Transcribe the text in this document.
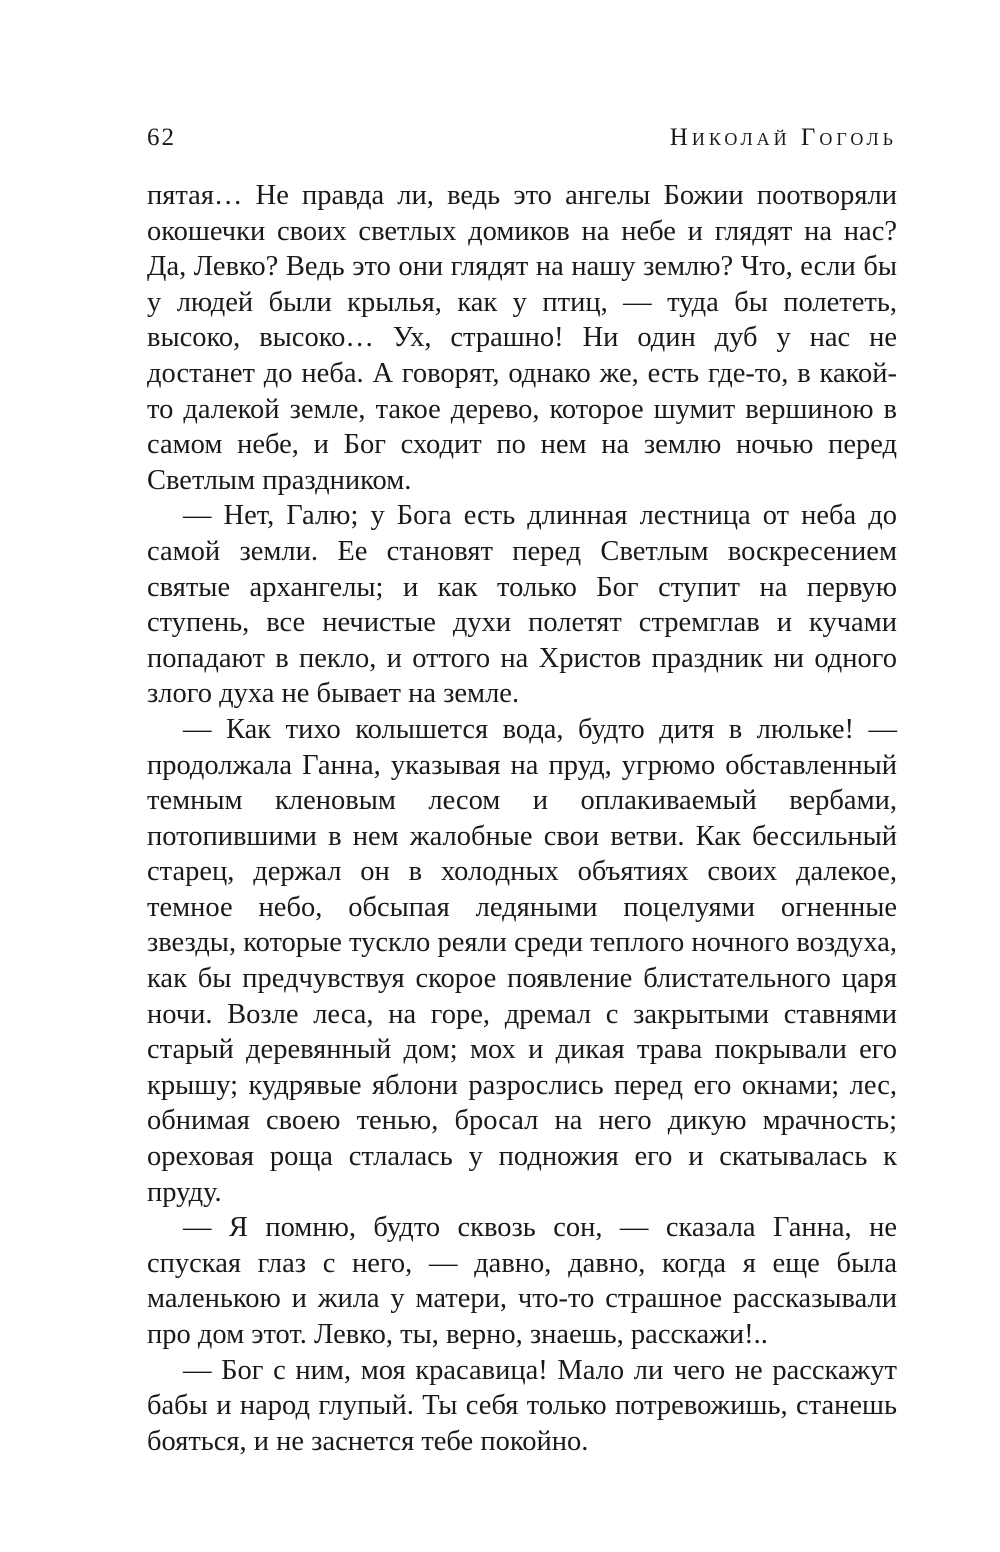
62	Николай Гоголь

пятая… Не правда ли, ведь это ангелы Божии поотворяли окошечки своих светлых домиков на небе и глядят на нас? Да, Левко? Ведь это они глядят на нашу землю? Что, если бы у людей были крылья, как у птиц, — туда бы полететь, высоко, высоко… Ух, страшно! Ни один дуб у нас не достанет до неба. А говорят, однако же, есть где-то, в какой-то далекой земле, такое дерево, которое шумит вершиною в самом небе, и Бог сходит по нем на землю ночью перед Светлым праздником.

— Нет, Галю; у Бога есть длинная лестница от неба до самой земли. Ее становят перед Светлым воскресением святые архангелы; и как только Бог ступит на первую ступень, все нечистые духи полетят стремглав и кучами попадают в пекло, и оттого на Христов праздник ни одного злого духа не бывает на земле.

— Как тихо колышется вода, будто дитя в люльке! — продолжала Ганна, указывая на пруд, угрюмо обставленный темным кленовым лесом и оплакиваемый вербами, потопившими в нем жалобные свои ветви. Как бессильный старец, держал он в холодных объятиях своих далекое, темное небо, обсыпая ледяными поцелуями огненные звезды, которые тускло реяли среди теплого ночного воздуха, как бы предчувствуя скорое появление блистательного царя ночи. Возле леса, на горе, дремал с закрытыми ставнями старый деревянный дом; мох и дикая трава покрывали его крышу; кудрявые яблони разрослись перед его окнами; лес, обнимая своею тенью, бросал на него дикую мрачность; ореховая роща стлалась у подножия его и скатывалась к пруду.

— Я помню, будто сквозь сон, — сказала Ганна, не спуская глаз с него, — давно, давно, когда я еще была маленькою и жила у матери, что-то страшное рассказывали про дом этот. Левко, ты, верно, знаешь, расскажи!..

— Бог с ним, моя красавица! Мало ли чего не расскажут бабы и народ глупый. Ты себя только потревожишь, станешь бояться, и не заснется тебе покойно.
